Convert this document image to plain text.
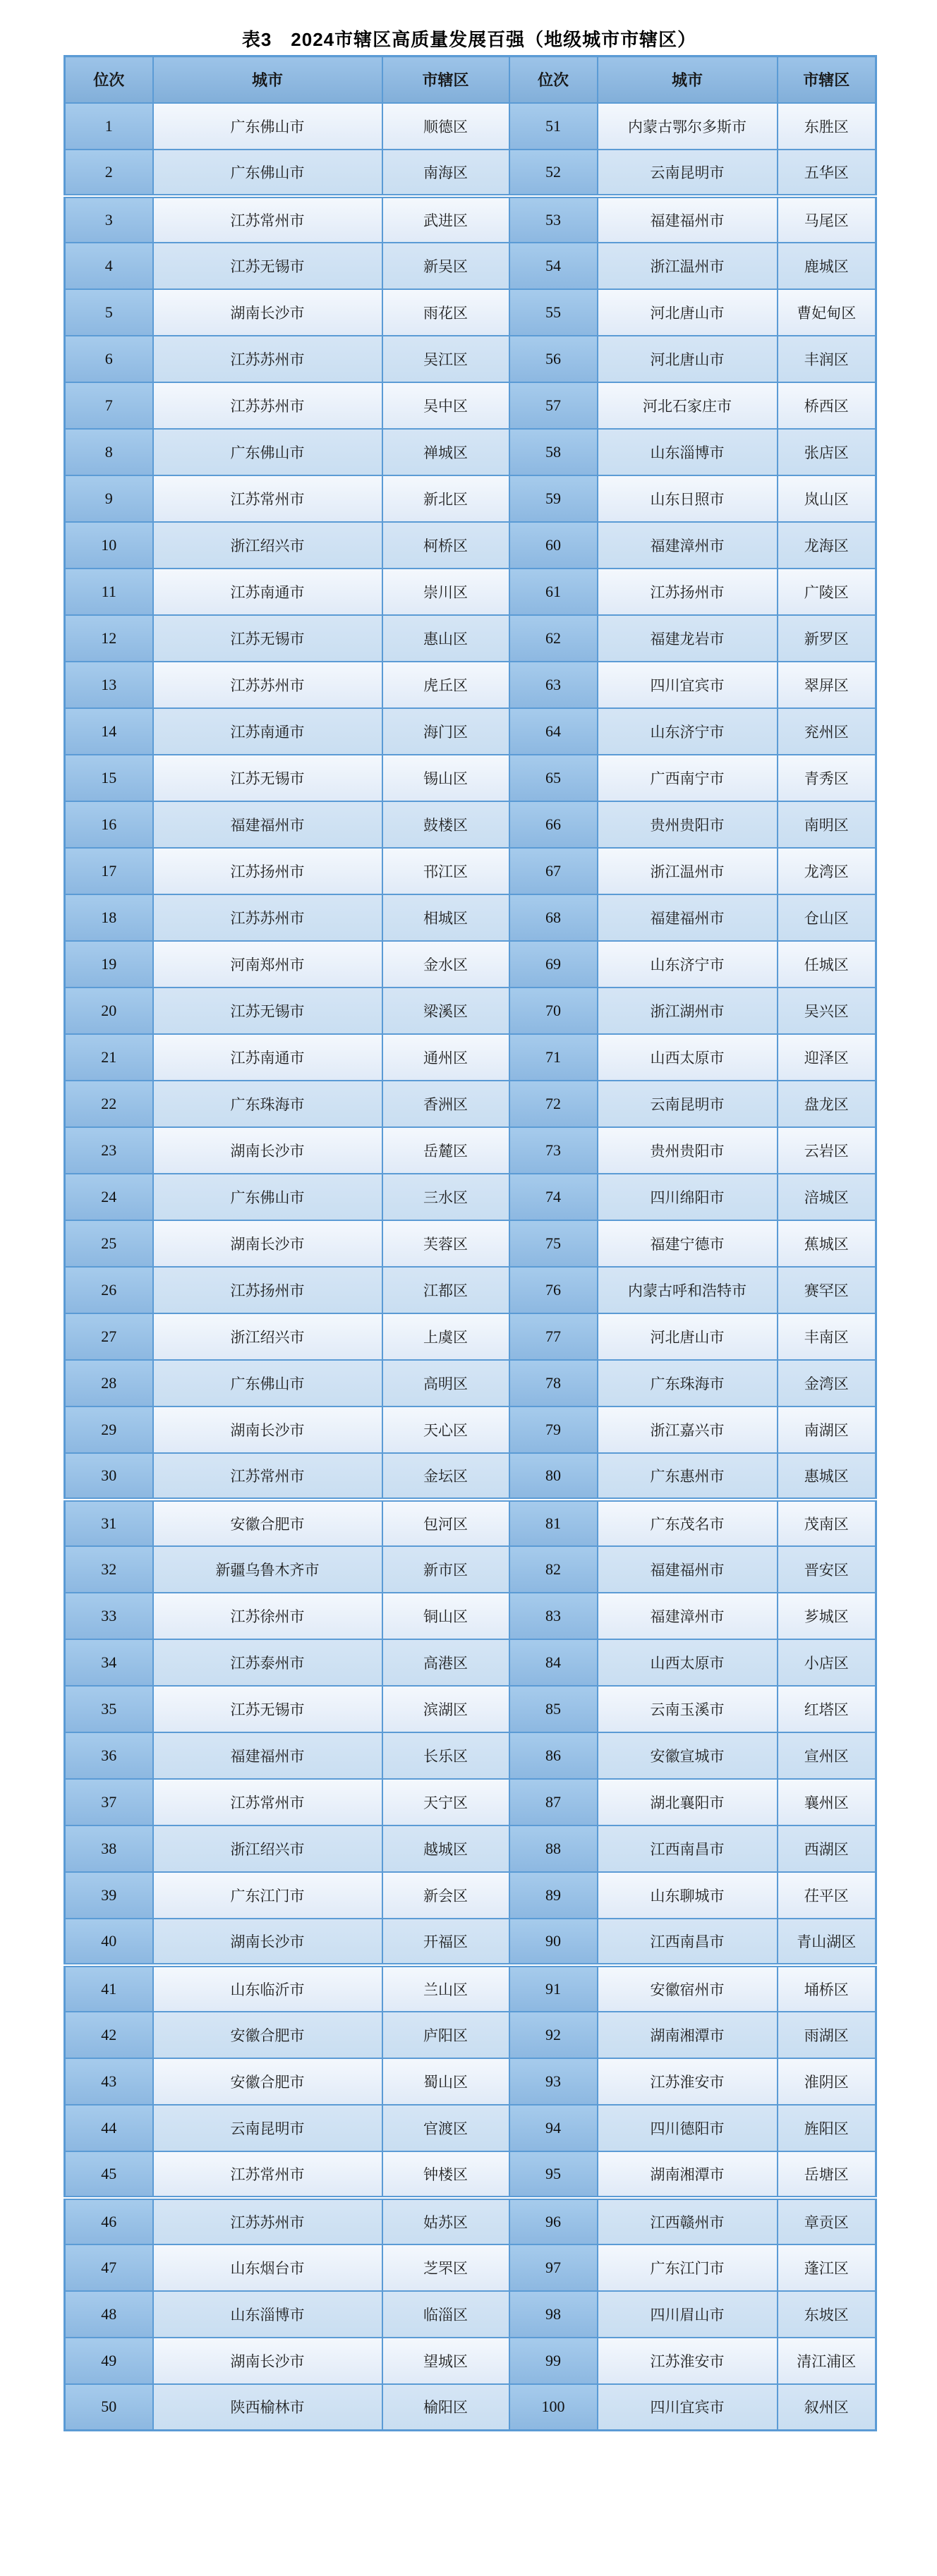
表3　2024市辖区高质量发展百强（地级城市市辖区）
位次	城市	市辖区	位次	城市	市辖区
1	广东佛山市	顺德区	51	内蒙古鄂尔多斯市	东胜区
2	广东佛山市	南海区	52	云南昆明市	五华区
3	江苏常州市	武进区	53	福建福州市	马尾区
4	江苏无锡市	新吴区	54	浙江温州市	鹿城区
5	湖南长沙市	雨花区	55	河北唐山市	曹妃甸区
6	江苏苏州市	吴江区	56	河北唐山市	丰润区
7	江苏苏州市	吴中区	57	河北石家庄市	桥西区
8	广东佛山市	禅城区	58	山东淄博市	张店区
9	江苏常州市	新北区	59	山东日照市	岚山区
10	浙江绍兴市	柯桥区	60	福建漳州市	龙海区
11	江苏南通市	崇川区	61	江苏扬州市	广陵区
12	江苏无锡市	惠山区	62	福建龙岩市	新罗区
13	江苏苏州市	虎丘区	63	四川宜宾市	翠屏区
14	江苏南通市	海门区	64	山东济宁市	兖州区
15	江苏无锡市	锡山区	65	广西南宁市	青秀区
16	福建福州市	鼓楼区	66	贵州贵阳市	南明区
17	江苏扬州市	邗江区	67	浙江温州市	龙湾区
18	江苏苏州市	相城区	68	福建福州市	仓山区
19	河南郑州市	金水区	69	山东济宁市	任城区
20	江苏无锡市	梁溪区	70	浙江湖州市	吴兴区
21	江苏南通市	通州区	71	山西太原市	迎泽区
22	广东珠海市	香洲区	72	云南昆明市	盘龙区
23	湖南长沙市	岳麓区	73	贵州贵阳市	云岩区
24	广东佛山市	三水区	74	四川绵阳市	涪城区
25	湖南长沙市	芙蓉区	75	福建宁德市	蕉城区
26	江苏扬州市	江都区	76	内蒙古呼和浩特市	赛罕区
27	浙江绍兴市	上虞区	77	河北唐山市	丰南区
28	广东佛山市	高明区	78	广东珠海市	金湾区
29	湖南长沙市	天心区	79	浙江嘉兴市	南湖区
30	江苏常州市	金坛区	80	广东惠州市	惠城区
31	安徽合肥市	包河区	81	广东茂名市	茂南区
32	新疆乌鲁木齐市	新市区	82	福建福州市	晋安区
33	江苏徐州市	铜山区	83	福建漳州市	芗城区
34	江苏泰州市	高港区	84	山西太原市	小店区
35	江苏无锡市	滨湖区	85	云南玉溪市	红塔区
36	福建福州市	长乐区	86	安徽宣城市	宣州区
37	江苏常州市	天宁区	87	湖北襄阳市	襄州区
38	浙江绍兴市	越城区	88	江西南昌市	西湖区
39	广东江门市	新会区	89	山东聊城市	茌平区
40	湖南长沙市	开福区	90	江西南昌市	青山湖区
41	山东临沂市	兰山区	91	安徽宿州市	埇桥区
42	安徽合肥市	庐阳区	92	湖南湘潭市	雨湖区
43	安徽合肥市	蜀山区	93	江苏淮安市	淮阴区
44	云南昆明市	官渡区	94	四川德阳市	旌阳区
45	江苏常州市	钟楼区	95	湖南湘潭市	岳塘区
46	江苏苏州市	姑苏区	96	江西赣州市	章贡区
47	山东烟台市	芝罘区	97	广东江门市	蓬江区
48	山东淄博市	临淄区	98	四川眉山市	东坡区
49	湖南长沙市	望城区	99	江苏淮安市	清江浦区
50	陕西榆林市	榆阳区	100	四川宜宾市	叙州区
